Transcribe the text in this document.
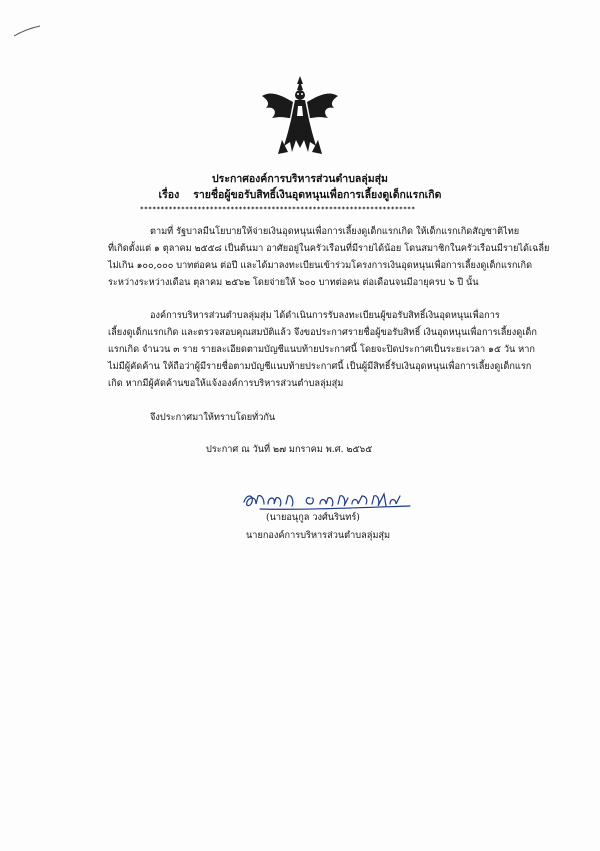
ประกาศองค์การบริหารส่วนตำบลลุ่มสุ่ม
เรื่อง รายชื่อผู้ขอรับสิทธิ์เงินอุดหนุนเพื่อการเลี้ยงดูเด็กแรกเกิด
*******************************************************************
ตามที่ รัฐบาลมีนโยบายให้จ่ายเงินอุดหนุนเพื่อการเลี้ยงดูเด็กแรกเกิด ให้เด็กแรกเกิดสัญชาติไทย
ที่เกิดตั้งแต่ ๑ ตุลาคม ๒๕๕๘ เป็นต้นมา อาศัยอยู่ในครัวเรือนที่มีรายได้น้อย โดนสมาชิกในครัวเรือนมีรายได้เฉลี่ย
ไม่เกิน ๑๐๐,๐๐๐ บาทต่อคน ต่อปี และได้มาลงทะเบียนเข้าร่วมโครงการเงินอุดหนุนเพื่อการเลี้ยงดูเด็กแรกเกิด
ระหว่างระหว่างเดือน ตุลาคม ๒๕๖๒ โดยจ่ายให้ ๖๐๐ บาทต่อคน ต่อเดือนจนมีอายุครบ ๖ ปี นั้น
องค์การบริหารส่วนตำบลลุ่มสุ่ม ได้ดำเนินการรับลงทะเบียนผู้ขอรับสิทธิ์เงินอุดหนุนเพื่อการ
เลี้ยงดูเด็กแรกเกิด และตรวจสอบคุณสมบัติแล้ว จึงขอประกาศรายชื่อผู้ขอรับสิทธิ์ เงินอุดหนุนเพื่อการเลี้ยงดูเด็ก
แรกเกิด จำนวน ๓ ราย รายละเอียดตามบัญชีแนบท้ายประกาศนี้ โดยจะปิดประกาศเป็นระยะเวลา ๑๕ วัน หาก
ไม่มีผู้คัดค้าน ให้ถือว่าผู้มีรายชื่อตามบัญชีแนบท้ายประกาศนี้ เป็นผู้มีสิทธิ์รับเงินอุดหนุนเพื่อการเลี้ยงดูเด็กแรก
เกิด หากมีผู้คัดค้านขอให้แจ้งองค์การบริหารส่วนตำบลลุ่มสุ่ม
จึงประกาศมาให้ทราบโดยทั่วกัน
ประกาศ ณ วันที่ ๒๗ มกราคม พ.ศ. ๒๕๖๕
(นายอนุกูล วงศ์นรินทร์)
นายกองค์การบริหารส่วนตำบลลุ่มสุ่ม
